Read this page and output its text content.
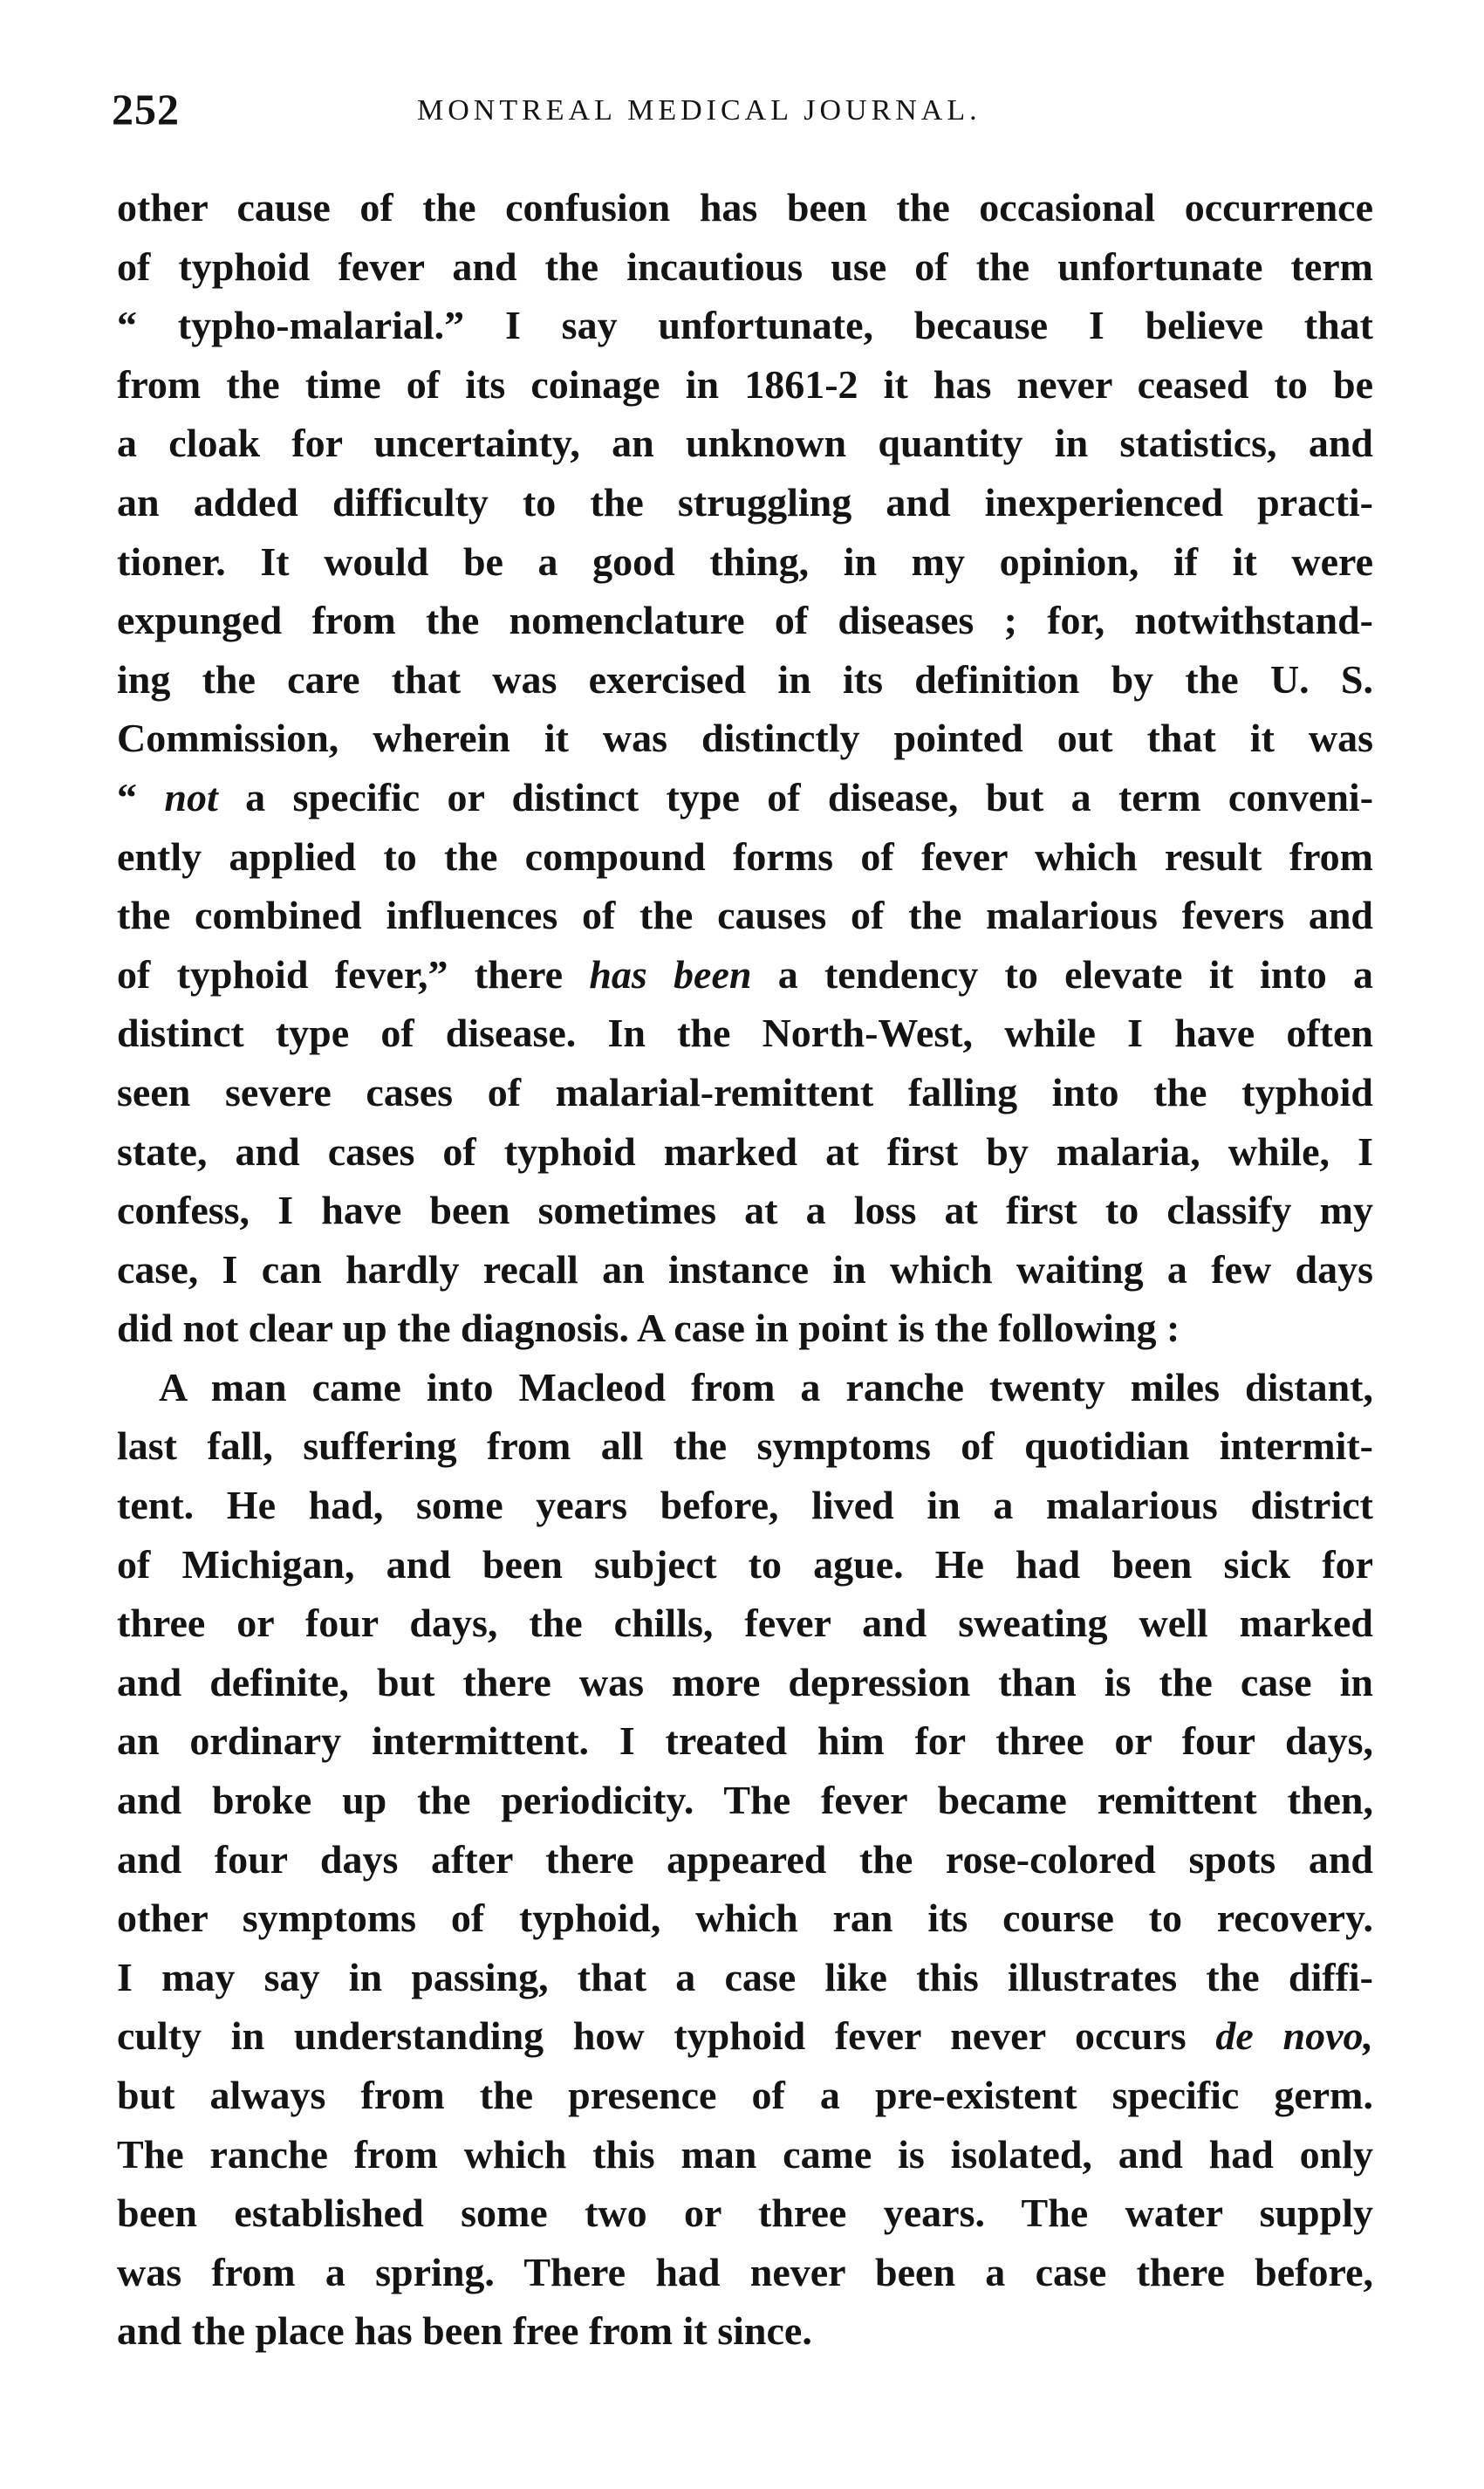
252	MONTREAL MEDICAL JOURNAL.
other cause of the confusion has been the occasional occurrence
of typhoid fever and the incautious use of the unfortunate term
“ typho-malarial.” I say unfortunate, because I believe that
from the time of its coinage in 1861-2 it has never ceased to be
a cloak for uncertainty, an unknown quantity in statistics, and
an added difficulty to the struggling and inexperienced practi-
tioner. It would be a good thing, in my opinion, if it were
expunged from the nomenclature of diseases ; for, notwithstand-
ing the care that was exercised in its definition by the U. S.
Commission, wherein it was distinctly pointed out that it was
“ not a specific or distinct type of disease, but a term conveni-
ently applied to the compound forms of fever which result from
the combined influences of the causes of the malarious fevers and
of typhoid fever,” there has been a tendency to elevate it into a
distinct type of disease. In the North-West, while I have often
seen severe cases of malarial-remittent falling into the typhoid
state, and cases of typhoid marked at first by malaria, while, I
confess, I have been sometimes at a loss at first to classify my
case, I can hardly recall an instance in which waiting a few days
did not clear up the diagnosis. A case in point is the following :
A man came into Macleod from a ranche twenty miles distant,
last fall, suffering from all the symptoms of quotidian intermit-
tent. He had, some years before, lived in a malarious district
of Michigan, and been subject to ague. He had been sick for
three or four days, the chills, fever and sweating well marked
and definite, but there was more depression than is the case in
an ordinary intermittent. I treated him for three or four days,
and broke up the periodicity. The fever became remittent then,
and four days after there appeared the rose-colored spots and
other symptoms of typhoid, which ran its course to recovery.
I may say in passing, that a case like this illustrates the diffi-
culty in understanding how typhoid fever never occurs de novo,
but always from the presence of a pre-existent specific germ.
The ranche from which this man came is isolated, and had only
been established some two or three years. The water supply
was from a spring. There had never been a case there before,
and the place has been free from it since.
